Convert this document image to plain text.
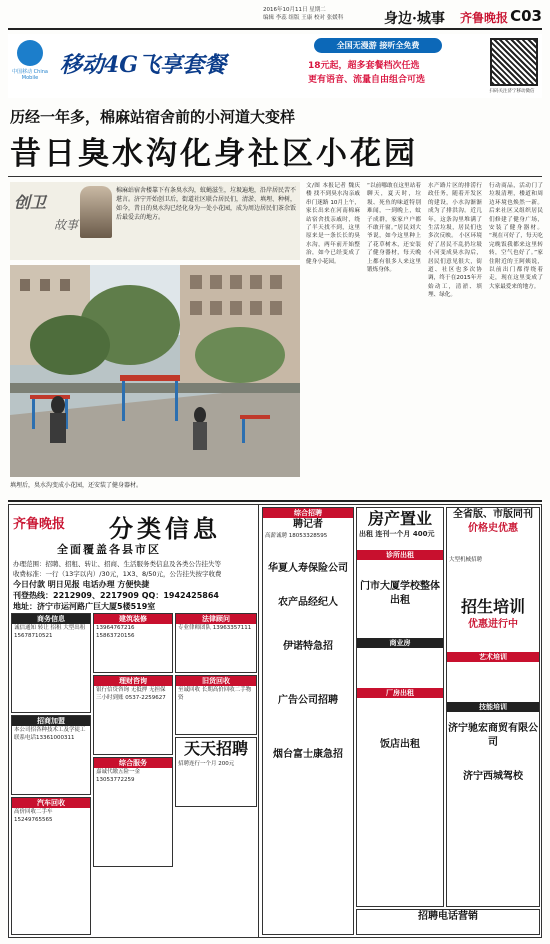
2016年10月11日 星期二
编辑 李蕊 组版 王康 校对 张媛科	身边·城事 齐鲁晚报 C03
中国移动 China Mobile 移动4G飞享套餐
全国无漫游 接听全免费
18元起，超多套餐档次任选
更有语音、流量自由组合可选
扫码关注济宁移动微信
历经一年多，棉麻站宿舍前的小河道大变样
昔日臭水沟化身社区小花园
创卫
故事
棉麻站宿舍楼靠下有条臭水沟，蚊蝇滋生，垃圾遍地，沿岸居民苦不堪言。济宁开始创卫后，街道社区联合居民们，清淤、填埋、种树，如今，昔日的臭水沟已经化身为一处小花园，成为周边居民们茶余饭后最爱去的地方。
填埋后，臭水沟变成小花园，还安装了健身器材。
文/图 本报记者 魏庆楼 找不到臭水沟亲戚串门迷路 10月上午，家长出来在河南棉麻站宿舍找亲戚时，绕了半天找不到，这里原来是一条长长的臭水沟，两年前开始整治，如今已经变成了健身小花园。
“以前哪敢在这里站着聊天，夏天时，垃圾、死鱼的味道特别难闻，一到晚上，蚊子成群，家家户户都不敢开窗。”居民刘大爷说，如今这里种上了花草树木，还安装了健身器材，每天晚上都有很多人来这里锻炼身体。
水产路片区的排涝行政任务，随着开发区的建设，小水沟渐渐成为了排洪沟。近几年，这条沟里堆满了生活垃圾，居民们也多次反映。 小区环境好了居民不乱扔垃圾 小河变成臭水沟后，居民们意见很大，街道、社区也多次协调，终于在2015年开始动工，清淤、填埋、绿化。
行动商品，活动门了垃圾清理，楼道和周边环境也焕然一新。后来社区又组织居民们修建了健身广场，安装了健身器材。 “现在可好了，每天吃完晚饭我都来这里转转，空气也好了。”家住附近的王阿姨说，以前出门都得绕着走，现在这里变成了大家最爱来的地方。
齐鲁晚报 分类信息
全面覆盖各县市区
办理范围：招聘、招租、转让、招商、生活服务类信息及各类公告挂失等
收费标准：一行（13字以内）/30元，1X3、8/50元，公告挂失按字收费
今日付款 明日见报 电话办理 方便快捷
刊登热线：2212909、2217909 QQ：1942425864
地址：济宁市运河路广巨大厦5楼519室
商务信息
诚信通知 转让 招租 大型出租15678710521
建筑装修
13964767216 15863720156
法律顾问
专业律师团队 13963357111
招商加盟
本公司招各种技术工及学徒工 联系电话13361000311
理财咨询
银行信贷咨询 无抵押 无担保 三小时到账 0537-2259627
旧货回收
至诚回收 长期高价回收二手物资
天天招聘
招聘连行一个月 200元
综合服务
嘉诚代缴五险一金 13053772259
汽车回收
高价回收二手车 15249765565
综合招聘
聘记者
高薪诚聘 18053328595
华夏人寿保险公司
农产品经纪人
伊诺特急招
广告公司招聘
烟台富士康急招
房产置业
出租 连刊一个月 400元
诊所出租
门市大厦学校整体出租
商业房
厂房出租
饭店出租
全省版、市版同刊
价格史优惠
大型机械招聘
招生培训
优惠进行中
艺术培训
技能培训
济宁驰宏商贸有限公司
济宁西城驾校
招聘电话营销
